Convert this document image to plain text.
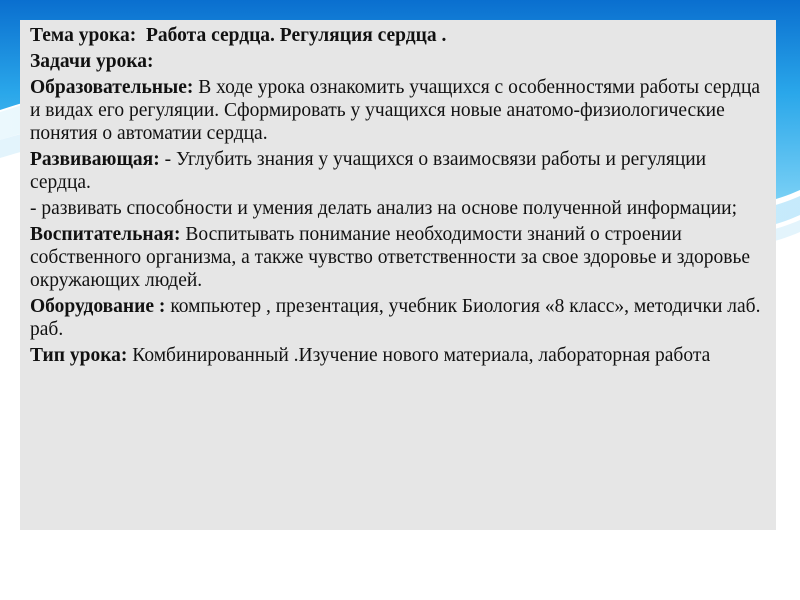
Тема урока: Работа сердца. Регуляция сердца .

Задачи урока:

Образовательные: В ходе урока ознакомить учащихся с особенностями работы сердца и видах его регуляции. Сформировать у учащихся новые анатомо-физиологические понятия о автоматии сердца.

Развивающая: - Углубить знания у учащихся о взаимосвязи работы и регуляции сердца.

- развивать способности и умения делать анализ на основе полученной информации;

Воспитательная: Воспитывать понимание необходимости знаний о строении собственного организма, а также чувство ответственности за свое здоровье и здоровье окружающих людей.

Оборудование : компьютер , презентация, учебник Биология «8 класс», методички лаб. раб.

Тип урока: Комбинированный .Изучение нового материала, лабораторная работа
